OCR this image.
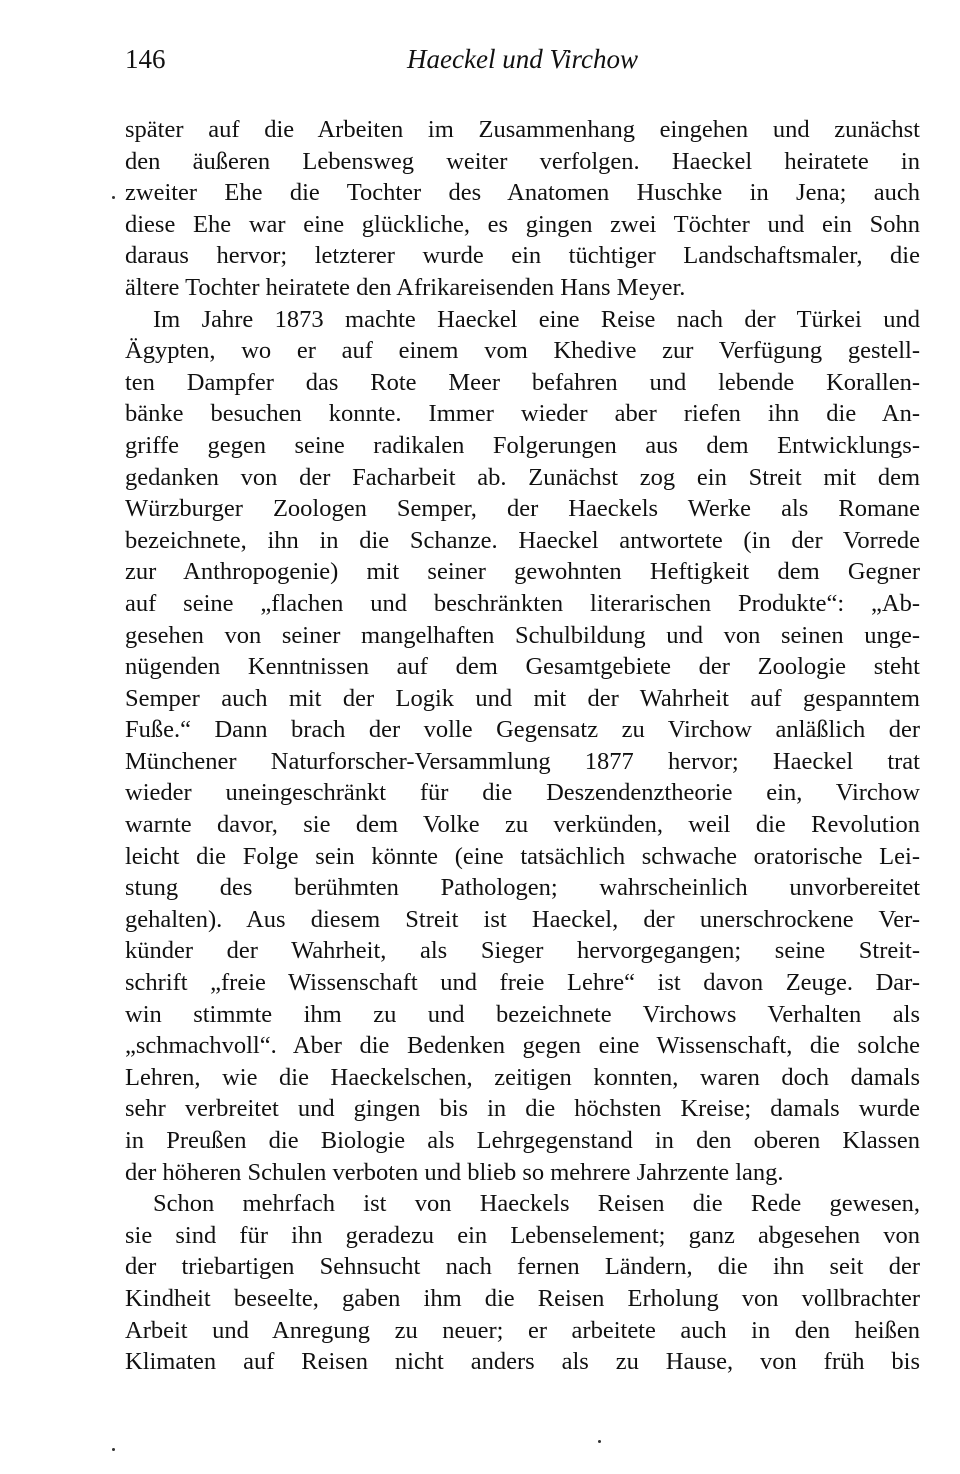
146	Haeckel und Virchow
später auf die Arbeiten im Zusammenhang eingehen und zunächst
den äußeren Lebensweg weiter verfolgen. Haeckel heiratete in
zweiter Ehe die Tochter des Anatomen Huschke in Jena; auch
diese Ehe war eine glückliche, es gingen zwei Töchter und ein Sohn
daraus hervor; letzterer wurde ein tüchtiger Landschaftsmaler, die
ältere Tochter heiratete den Afrikareisenden Hans Meyer.
Im Jahre 1873 machte Haeckel eine Reise nach der Türkei und
Ägypten, wo er auf einem vom Khedive zur Verfügung gestell-
ten Dampfer das Rote Meer befahren und lebende Korallen-
bänke besuchen konnte. Immer wieder aber riefen ihn die An-
griffe gegen seine radikalen Folgerungen aus dem Entwicklungs-
gedanken von der Facharbeit ab. Zunächst zog ein Streit mit dem
Würzburger Zoologen Semper, der Haeckels Werke als Romane
bezeichnete, ihn in die Schanze. Haeckel antwortete (in der Vorrede
zur Anthropogenie) mit seiner gewohnten Heftigkeit dem Gegner
auf seine „flachen und beschränkten literarischen Produkte“: „Ab-
gesehen von seiner mangelhaften Schulbildung und von seinen unge-
nügenden Kenntnissen auf dem Gesamtgebiete der Zoologie steht
Semper auch mit der Logik und mit der Wahrheit auf gespanntem
Fuße.“ Dann brach der volle Gegensatz zu Virchow anläßlich der
Münchener Naturforscher-Versammlung 1877 hervor; Haeckel trat
wieder uneingeschränkt für die Deszendenztheorie ein, Virchow
warnte davor, sie dem Volke zu verkünden, weil die Revolution
leicht die Folge sein könnte (eine tatsächlich schwache oratorische Lei-
stung des berühmten Pathologen; wahrscheinlich unvorbereitet
gehalten). Aus diesem Streit ist Haeckel, der unerschrockene Ver-
künder der Wahrheit, als Sieger hervorgegangen; seine Streit-
schrift „freie Wissenschaft und freie Lehre“ ist davon Zeuge. Dar-
win stimmte ihm zu und bezeichnete Virchows Verhalten als
„schmachvoll“. Aber die Bedenken gegen eine Wissenschaft, die solche
Lehren, wie die Haeckelschen, zeitigen konnten, waren doch damals
sehr verbreitet und gingen bis in die höchsten Kreise; damals wurde
in Preußen die Biologie als Lehrgegenstand in den oberen Klassen
der höheren Schulen verboten und blieb so mehrere Jahrzente lang.
Schon mehrfach ist von Haeckels Reisen die Rede gewesen,
sie sind für ihn geradezu ein Lebenselement; ganz abgesehen von
der triebartigen Sehnsucht nach fernen Ländern, die ihn seit der
Kindheit beseelte, gaben ihm die Reisen Erholung von vollbrachter
Arbeit und Anregung zu neuer; er arbeitete auch in den heißen
Klimaten auf Reisen nicht anders als zu Hause, von früh bis
